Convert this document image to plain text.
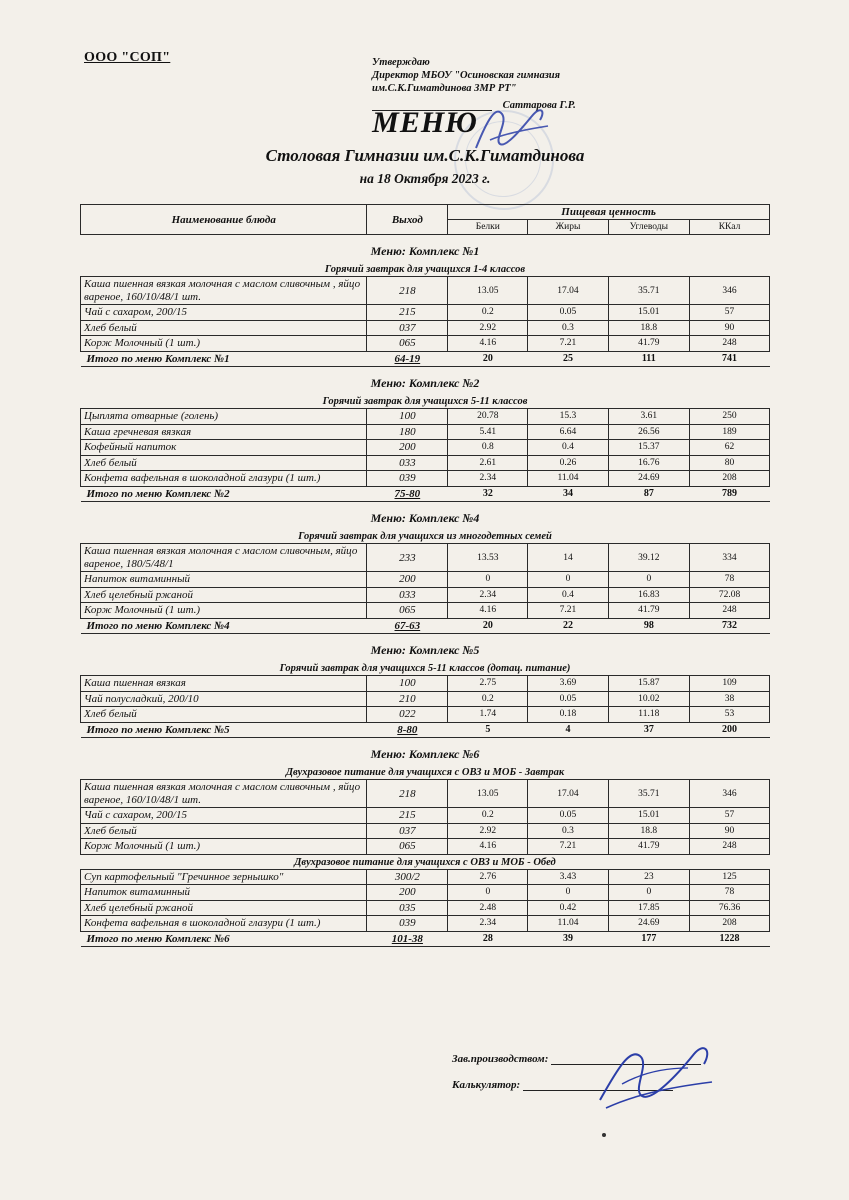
ООО "СОП"	Утверждаю
Директор МБОУ "Осиновская гимназия
им.С.К.Гиматдинова ЗМР РТ"
Саттарова Г.Р.
МЕНЮ
Столовая Гимназии им.С.К.Гиматдинова
на 18 Октября 2023 г.
Наименование блюда	Выход	Пищевая ценность			
		Белки	Жиры	Углеводы	ККал
Меню: Комплекс №1					
Горячий завтрак для учащихся 1-4 классов					
Каша пшенная вязкая молочная с маслом сливочным , яйцо вареное, 160/10/48/1 шт.	218	13.05	17.04	35.71	346
Чай с сахаром, 200/15	215	0.2	0.05	15.01	57
Хлеб белый	037	2.92	0.3	18.8	90
Корж Молочный (1 шт.)	065	4.16	7.21	41.79	248
Итого по меню Комплекс №1	64-19	20	25	111	741
Меню: Комплекс №2					
Горячий завтрак для учащихся 5-11 классов					
Цыплята отварные (голень)	100	20.78	15.3	3.61	250
Каша гречневая вязкая	180	5.41	6.64	26.56	189
Кофейный напиток	200	0.8	0.4	15.37	62
Хлеб белый	033	2.61	0.26	16.76	80
Конфета вафельная в шоколадной глазури (1 шт.)	039	2.34	11.04	24.69	208
Итого по меню Комплекс №2	75-80	32	34	87	789
Меню: Комплекс №4					
Горячий завтрак для учащихся из многодетных семей					
Каша пшенная вязкая молочная с маслом сливочным, яйцо вареное, 180/5/48/1	233	13.53	14	39.12	334
Напиток витаминный	200	0	0	0	78
Хлеб целебный ржаной	033	2.34	0.4	16.83	72.08
Корж Молочный (1 шт.)	065	4.16	7.21	41.79	248
Итого по меню Комплекс №4	67-63	20	22	98	732
Меню: Комплекс №5					
Горячий завтрак для учащихся 5-11 классов (дотац. питание)					
Каша пшенная вязкая	100	2.75	3.69	15.87	109
Чай полусладкий, 200/10	210	0.2	0.05	10.02	38
Хлеб белый	022	1.74	0.18	11.18	53
Итого по меню Комплекс №5	8-80	5	4	37	200
Меню: Комплекс №6					
Двухразовое питание для учащихся с ОВЗ и МОБ - Завтрак					
Каша пшенная вязкая молочная с маслом сливочным , яйцо вареное, 160/10/48/1 шт.	218	13.05	17.04	35.71	346
Чай с сахаром, 200/15	215	0.2	0.05	15.01	57
Хлеб белый	037	2.92	0.3	18.8	90
Корж Молочный (1 шт.)	065	4.16	7.21	41.79	248
Двухразовое питание для учащихся с ОВЗ и МОБ - Обед					
Суп картофельный "Гречинное зернышко"	300/2	2.76	3.43	23	125
Напиток витаминный	200	0	0	0	78
Хлеб целебный ржаной	035	2.48	0.42	17.85	76.36
Конфета вафельная в шоколадной глазури (1 шт.)	039	2.34	11.04	24.69	208
Итого по меню Комплекс №6	101-38	28	39	177	1228
Зав.производством:
Калькулятор:
